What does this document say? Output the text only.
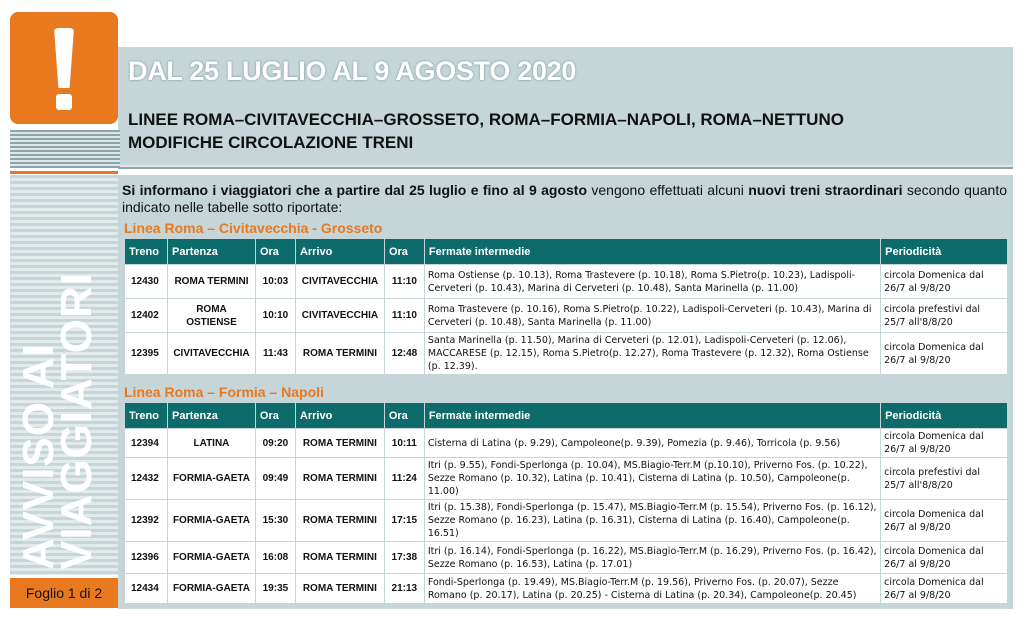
DAL 25 LUGLIO AL 9 AGOSTO 2020
LINEE ROMA–CIVITAVECCHIA–GROSSETO, ROMA–FORMIA–NAPOLI, ROMA–NETTUNO
MODIFICHE CIRCOLAZIONE TRENI
AVVISO AI
VIAGGIATORI
Foglio 1 di 2
Si informano i viaggiatori che a partire dal 25 luglio e fino al 9 agosto vengono effettuati alcuni nuovi treni straordinari secondo quanto indicato nelle tabelle sotto riportate:
Linea Roma – Civitavecchia - Grosseto
Treno	Partenza	Ora	Arrivo	Ora	Fermate intermedie	Periodicità
12430	ROMA TERMINI	10:03	CIVITAVECCHIA	11:10	Roma Ostiense (p. 10.13), Roma Trastevere (p. 10.18), Roma S.Pietro(p. 10.23), Ladispoli-Cerveteri (p. 10.43), Marina di Cerveteri (p. 10.48), Santa Marinella (p. 11.00)	circola Domenica dal 26/7 al 9/8/20
12402	ROMA OSTIENSE	10:10	CIVITAVECCHIA	11:10	Roma Trastevere (p. 10.16), Roma S.Pietro(p. 10.22), Ladispoli-Cerveteri (p. 10.43), Marina di Cerveteri (p. 10.48), Santa Marinella (p. 11.00)	circola prefestivi dal 25/7 all'8/8/20
12395	CIVITAVECCHIA	11:43	ROMA TERMINI	12:48	Santa Marinella (p. 11.50), Marina di Cerveteri (p. 12.01), Ladispoli-Cerveteri (p. 12.06), MACCARESE (p. 12.15), Roma S.Pietro(p. 12.27), Roma Trastevere (p. 12.32), Roma Ostiense (p. 12.39).	circola Domenica dal 26/7 al 9/8/20
Linea Roma – Formia – Napoli
Treno	Partenza	Ora	Arrivo	Ora	Fermate intermedie	Periodicità
12394	LATINA	09:20	ROMA TERMINI	10:11	Cisterna di Latina (p. 9.29), Campoleone(p. 9.39), Pomezia (p. 9.46), Torricola (p. 9.56)	circola Domenica dal 26/7 al 9/8/20
12432	FORMIA-GAETA	09:49	ROMA TERMINI	11:24	Itri (p. 9.55), Fondi-Sperlonga (p. 10.04), MS.Biagio-Terr.M (p.10.10), Priverno Fos. (p. 10.22), Sezze Romano (p. 10.32), Latina (p. 10.41), Cisterna di Latina (p. 10.50), Campoleone(p. 11.00)	circola prefestivi dal 25/7 all'8/8/20
12392	FORMIA-GAETA	15:30	ROMA TERMINI	17:15	Itri (p. 15.38), Fondi-Sperlonga (p. 15.47), MS.Biagio-Terr.M (p. 15.54), Priverno Fos. (p. 16.12), Sezze Romano (p. 16.23), Latina (p. 16.31), Cisterna di Latina (p. 16.40), Campoleone(p. 16.51)	circola Domenica dal 26/7 al 9/8/20
12396	FORMIA-GAETA	16:08	ROMA TERMINI	17:38	Itri (p. 16.14), Fondi-Sperlonga (p. 16.22), MS.Biagio-Terr.M (p. 16.29), Priverno Fos. (p. 16.42), Sezze Romano (p. 16.53), Latina (p. 17.01)	circola Domenica dal 26/7 al 9/8/20
12434	FORMIA-GAETA	19:35	ROMA TERMINI	21:13	Fondi-Sperlonga (p. 19.49), MS.Biagio-Terr.M (p. 19.56), Priverno Fos. (p. 20.07), Sezze Romano (p. 20.17), Latina (p. 20.25) - Cisterna di Latina (p. 20.34), Campoleone(p. 20.45)	circola Domenica dal 26/7 al 9/8/20
